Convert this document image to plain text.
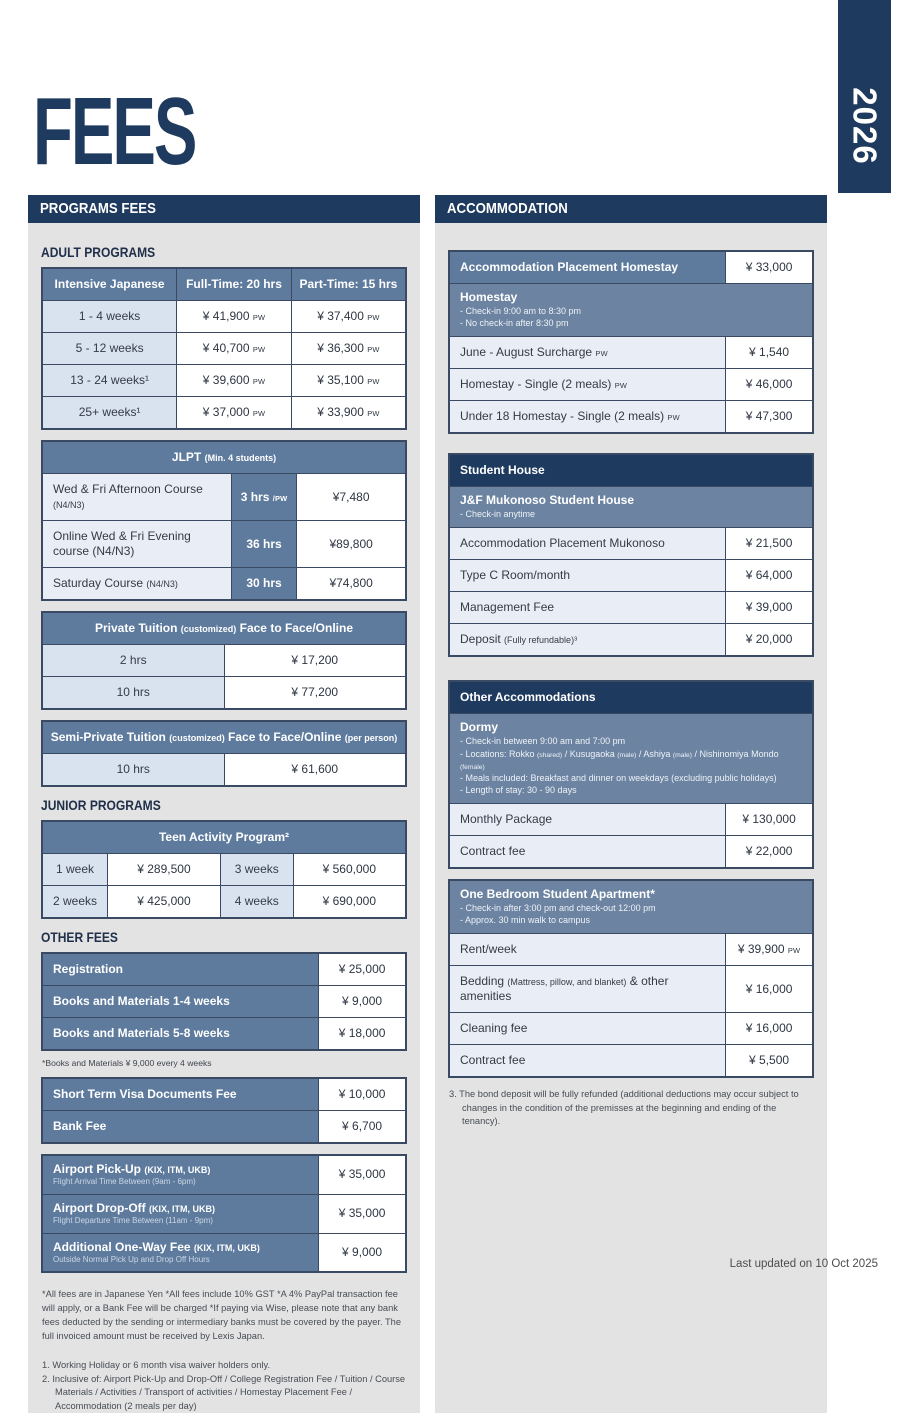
2026
FEES
PROGRAMS FEES
ADULT PROGRAMS
Intensive Japanese	Full-Time: 20 hrs	Part-Time: 15 hrs

1 - 4 weeks	¥ 41,900 PW	¥ 37,400 PW

5 - 12 weeks	¥ 40,700 PW	¥ 36,300 PW

13 - 24 weeks¹	¥ 39,600 PW	¥ 35,100 PW

25+ weeks¹	¥ 37,000 PW	¥ 33,900 PW
JLPT (Min. 4 students)		

Wed & Fri Afternoon Course (N4/N3)	3 hrs /PW	¥7,480

Online Wed & Fri Evening course (N4/N3)	36 hrs	¥89,800

Saturday Course (N4/N3)	30 hrs	¥74,800
Private Tuition (customized) Face to Face/Online	

2 hrs	¥ 17,200

10 hrs	¥ 77,200
Semi-Private Tuition (customized) Face to Face/Online (per person)

10 hrs	¥ 61,600
JUNIOR PROGRAMS
Teen Activity Program²			

1 week	¥ 289,500	3 weeks	¥ 560,000

2 weeks	¥ 425,000	4 weeks	¥ 690,000
OTHER FEES
Registration	¥ 25,000

Books and Materials 1-4 weeks	¥ 9,000

Books and Materials 5-8 weeks	¥ 18,000

*Books and Materials ¥ 9,000 every 4 weeks

Short Term Visa Documents Fee	¥ 10,000

Bank Fee	¥ 6,700
Airport Pick-Up (KIX, ITM, UKB)
Flight Arrival Time Between (9am - 6pm)	¥ 35,000

Airport Drop-Off (KIX, ITM, UKB)
Flight Departure Time Between (11am - 9pm)	¥ 35,000

Additional One-Way Fee (KIX, ITM, UKB)
Outside Normal Pick Up and Drop Off Hours	¥ 9,000

*All fees are in Japanese Yen *All fees include 10% GST *A 4% PayPal transaction fee will apply, or a Bank Fee will be charged *If paying via Wise, please note that any bank fees deducted by the sending or intermediary banks must be covered by the payer. The full invoiced amount must be received by Lexis Japan.

1. Working Holiday or 6 month visa waiver holders only.

2. Inclusive of: Airport Pick-Up and Drop-Off / College Registration Fee / Tuition / Course Materials / Activities / Transport of activities / Homestay Placement Fee / Accommodation (2 meals per day)

ACCOMMODATION
Accommodation Placement Homestay	¥ 33,000

Homestay
- Check-in 9:00 am to 8:30 pm
- No check-in after 8:30 pm	

June - August Surcharge PW	¥ 1,540

Homestay - Single (2 meals) PW	¥ 46,000

Under 18 Homestay - Single (2 meals) PW	¥ 47,300
Student House	

J&F Mukonoso Student House
- Check-in anytime	

Accommodation Placement Mukonoso	¥ 21,500

Type C Room/month	¥ 64,000

Management Fee	¥ 39,000

Deposit (Fully refundable)³	¥ 20,000
Other Accommodations	

Dormy
- Check-in between 9:00 am and 7:00 pm
- Locations: Rokko (shared) / Kusugaoka (male) / Ashiya (male) / Nishinomiya Mondo (female)
- Meals included: Breakfast and dinner on weekdays (excluding public holidays)
- Length of stay: 30 - 90 days	

Monthly Package	¥ 130,000

Contract fee	¥ 22,000
One Bedroom Student Apartment*
- Check-in after 3:00 pm and check-out 12:00 pm
- Approx. 30 min walk to campus	

Rent/week	¥ 39,900 PW

Bedding (Mattress, pillow, and blanket) & other amenities	¥ 16,000

Cleaning fee	¥ 16,000

Contract fee	¥ 5,500

3. The bond deposit will be fully refunded (additional deductions may occur subject to changes in the condition of the premisses at the beginning and ending of the tenancy).

Last updated on 10 Oct 2025
